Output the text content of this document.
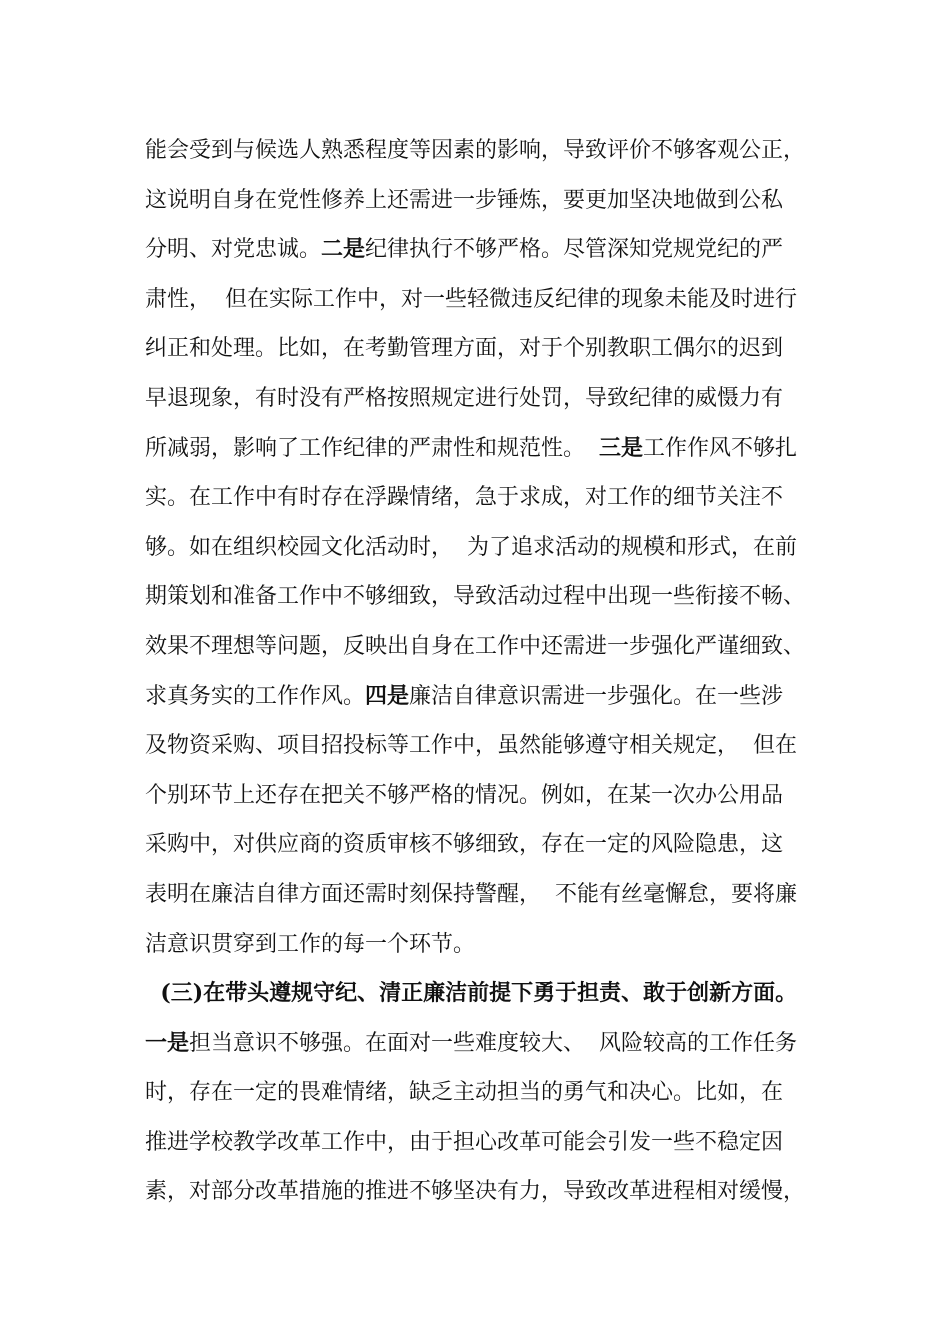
能会受到与候选人熟悉程度等因素的影响，导致评价不够客观公正，
这说明自身在党性修养上还需进一步锤炼，要更加坚决地做到公私
分明、对党忠诚。二是纪律执行不够严格。尽管深知党规党纪的严
肃性，  但在实际工作中，对一些轻微违反纪律的现象未能及时进行
纠正和处理。比如，在考勤管理方面，对于个别教职工偶尔的迟到
早退现象，有时没有严格按照规定进行处罚，导致纪律的威慑力有
所减弱，影响了工作纪律的严肃性和规范性。  三是工作作风不够扎
实。在工作中有时存在浮躁情绪，急于求成，对工作的细节关注不
够。如在组织校园文化活动时，  为了追求活动的规模和形式，在前
期策划和准备工作中不够细致，导致活动过程中出现一些衔接不畅、
效果不理想等问题，反映出自身在工作中还需进一步强化严谨细致、
求真务实的工作作风。四是廉洁自律意识需进一步强化。在一些涉
及物资采购、项目招投标等工作中，虽然能够遵守相关规定，  但在
个别环节上还存在把关不够严格的情况。例如，在某一次办公用品
采购中，对供应商的资质审核不够细致，存在一定的风险隐患，这
表明在廉洁自律方面还需时刻保持警醒，  不能有丝毫懈怠，要将廉
洁意识贯穿到工作的每一个环节。
(三)在带头遵规守纪、清正廉洁前提下勇于担责、敢于创新方面。
一是担当意识不够强。在面对一些难度较大、  风险较高的工作任务
时，存在一定的畏难情绪，缺乏主动担当的勇气和决心。比如，在
推进学校教学改革工作中，由于担心改革可能会引发一些不稳定因
素，对部分改革措施的推进不够坚决有力，导致改革进程相对缓慢，
